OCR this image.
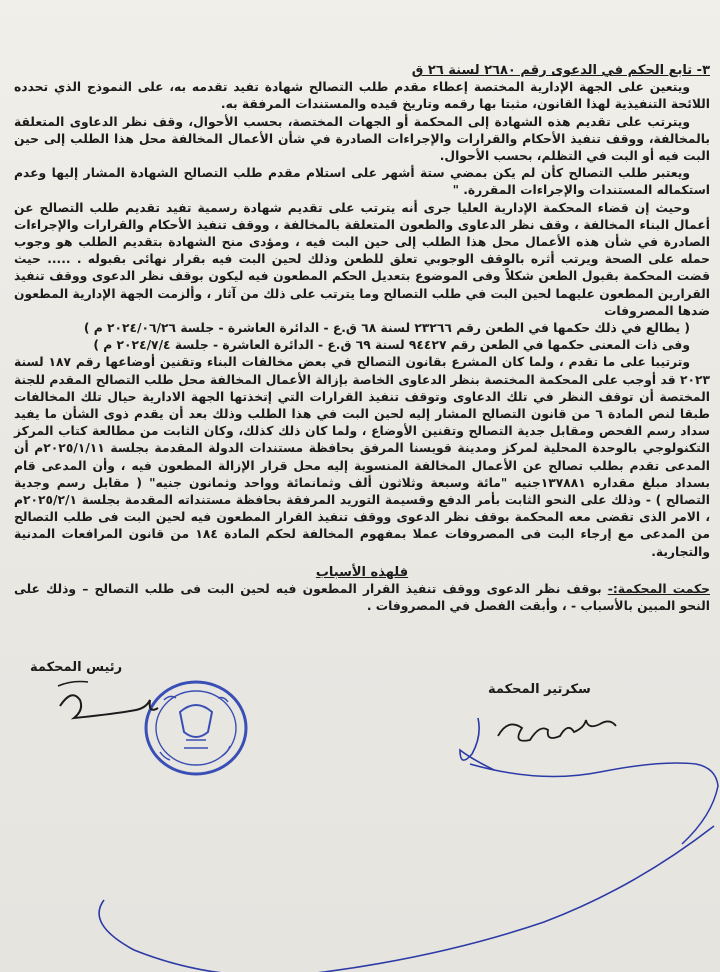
٣- تابع الحكم في الدعوى رقم ٢٦٨٠ لسنة ٢٦ ق

ويتعين على الجهة الإدارية المختصة إعطاء مقدم طلب التصالح شهادة تفيد تقدمه به، على النموذج الذي تحدده اللائحة التنفيذية لهذا القانون، مثبتا بها رقمه وتاريخ قيده والمستندات المرفقة به.

ويترتب على تقديم هذه الشهادة إلى المحكمة أو الجهات المختصة، بحسب الأحوال، وقف نظر الدعاوى المتعلقة بالمخالفة، ووقف تنفيذ الأحكام والقرارات والإجراءات الصادرة في شأن الأعمال المخالفة محل هذا الطلب إلى حين البت فيه أو البت في التظلم، بحسب الأحوال.

ويعتبر طلب التصالح كأن لم يكن بمضي ستة أشهر على استلام مقدم طلب التصالح الشهادة المشار إليها وعدم استكماله المستندات والإجراءات المقررة. "

وحيث إن قضاء المحكمة الإدارية العليا جرى أنه يترتب على تقديم شهادة رسمية تفيد تقديم طلب التصالح عن أعمال البناء المخالفة ، وقف نظر الدعاوى والطعون المتعلقة بالمخالفة ، ووقف تنفيذ الأحكام والقرارات والإجراءات الصادرة في شأن هذه الأعمال محل هذا الطلب إلى حين البت فيه ، ومؤدى منح الشهادة بتقديم الطلب هو وجوب حمله على الصحة ويرتب أثره بالوقف الوجوبي تعلق للطعن وذلك لحين البت فيه بقرار نهائى بقبوله . ..... حيث قضت المحكمة بقبول الطعن شكلاً وفى الموضوع بتعديل الحكم المطعون فيه ليكون بوقف نظر الدعوى ووقف تنفيذ القرارين المطعون عليهما لحين البت في طلب التصالح وما يترتب على ذلك من آثار ، وألزمت الجهة الإدارية المطعون ضدها المصروفات

( يطالع في ذلك حكمها في الطعن رقم ٢٣٢٦٦ لسنة ٦٨ ق.ع - الدائرة العاشرة - جلسة ٢٠٢٤/٠٦/٢٦ م )

وفى ذات المعنى حكمها في الطعن رقم ٩٤٤٢٧ لسنة ٦٩ ق.ع - الدائرة العاشرة - جلسة ٢٠٢٤/٧/٤ م )

وترتيبا على ما تقدم ، ولما كان المشرع بقانون التصالح في بعض مخالفات البناء وتقنين أوضاعها رقم ١٨٧ لسنة ٢٠٢٣ قد أوجب على المحكمة المختصة بنظر الدعاوى الخاصة بإزالة الأعمال المخالفة محل طلب التصالح المقدم للجنة المختصة أن توقف النظر في تلك الدعاوى وتوقف تنفيذ القرارات التي إتخذتها الجهة الادارية حيال تلك المخالفات طبقا لنص المادة ٦ من قانون التصالح المشار إليه لحين البت في هذا الطلب وذلك بعد أن يقدم ذوى الشأن ما يفيد سداد رسم الفحص ومقابل جدية التصالح وتقنين الأوضاع ، ولما كان ذلك كذلك، وكان الثابت من مطالعة كتاب المركز التكنولوجي بالوحدة المحلية لمركز ومدينة قويسنا المرفق بحافظة مستندات الدولة المقدمة بجلسة ٢٠٢٥/١/١١م أن المدعى تقدم بطلب تصالح عن الأعمال المخالفة المنسوبة إليه محل قرار الإزالة المطعون فيه ، وأن المدعى قام بسداد مبلغ مقداره ١٣٧٨٨١جنيه "مائة وسبعة وثلاثون ألف وثمانمائة وواحد وثمانون جنيه" ( مقابل رسم وجدية التصالح ) - وذلك على النحو الثابت بأمر الدفع وقسيمة التوريد المرفقة بحافظة مستنداته المقدمة بجلسة ٢٠٢٥/٢/١م ، الامر الذى تقضى معه المحكمة بوقف نظر الدعوى ووقف تنفيذ القرار المطعون فيه لحين البت فى طلب التصالح من المدعى مع إرجاء البت فى المصروفات عملا بمفهوم المخالفة لحكم المادة ١٨٤ من قانون المرافعات المدنية والتجارية.

فلهذه الأسباب

حكمت المحكمة:- بوقف نظر الدعوى ووقف تنفيذ القرار المطعون فيه لحين البت فى طلب التصالح – وذلك على النحو المبين بالأسباب - ، وأبقت الفصل في المصروفات .

رئيس المحكمة
سكرتير المحكمة
